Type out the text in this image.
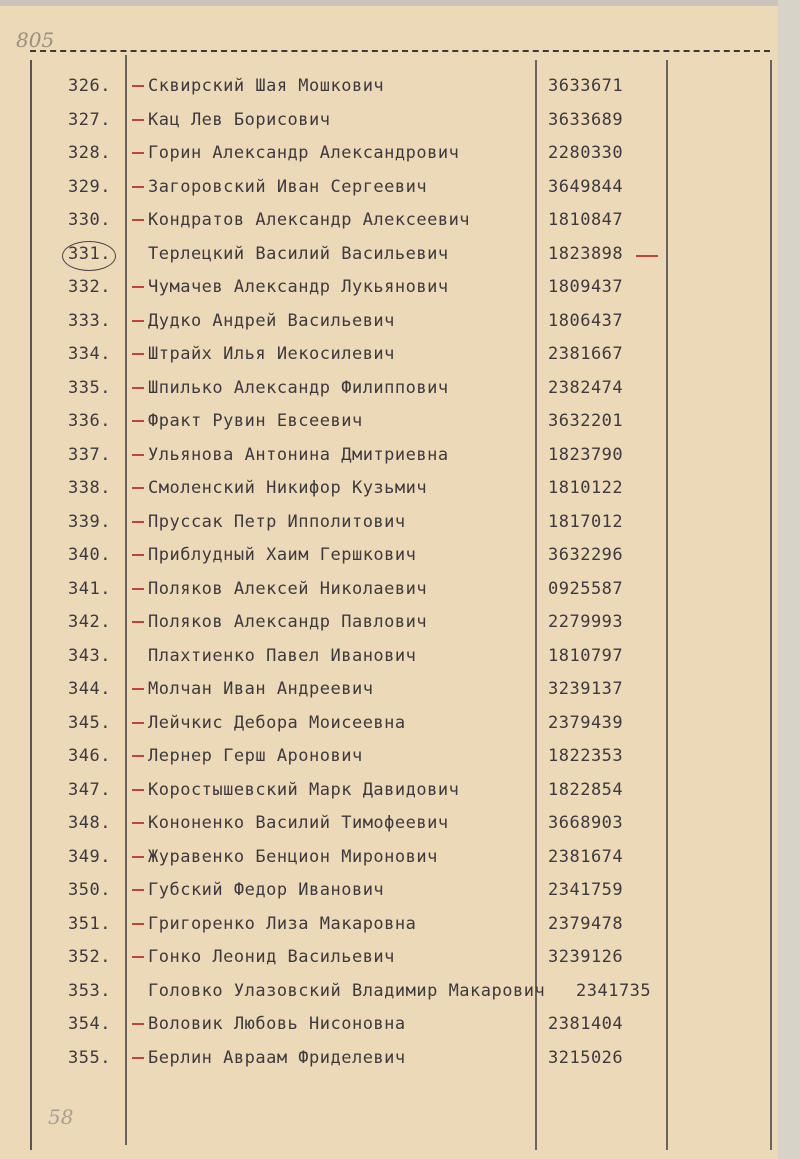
805
58
326. Сквирский Шая Мошкович	3633671
327. Кац Лев Борисович	3633689
328. Горин Александр Александрович	2280330
329. Загоровский Иван Сергеевич	3649844
330. Кондратов Александр Алексеевич	1810847
331. Терлецкий Василий Васильевич	1823898
332. Чумачев Александр Лукьянович	1809437
333. Дудко Андрей Васильевич	1806437
334. Штрайх Илья Иекосилевич	2381667
335. Шпилько Александр Филиппович	2382474
336. Фракт Рувин Евсеевич	3632201
337. Ульянова Антонина Дмитриевна	1823790
338. Смоленский Никифор Кузьмич	1810122
339. Пруссак Петр Ипполитович	1817012
340. Приблудный Хаим Гершкович	3632296
341. Поляков Алексей Николаевич	0925587
342. Поляков Александр Павлович	2279993
343. Плахтиенко Павел Иванович	1810797
344. Молчан Иван Андреевич	3239137
345. Лейчкис Дебора Моисеевна	2379439
346. Лернер Герш Аронович	1822353
347. Коростышевский Марк Давидович	1822854
348. Кононенко Василий Тимофеевич	3668903
349. Журавенко Бенцион Миронович	2381674
350. Губский Федор Иванович	2341759
351. Григоренко Лиза Макаровна	2379478
352. Гонко Леонид Васильевич	3239126
353. Головко Улазовский Владимир Макарович 2341735
354. Воловик Любовь Нисоновна	2381404
355. Берлин Авраам Фриделевич	3215026
